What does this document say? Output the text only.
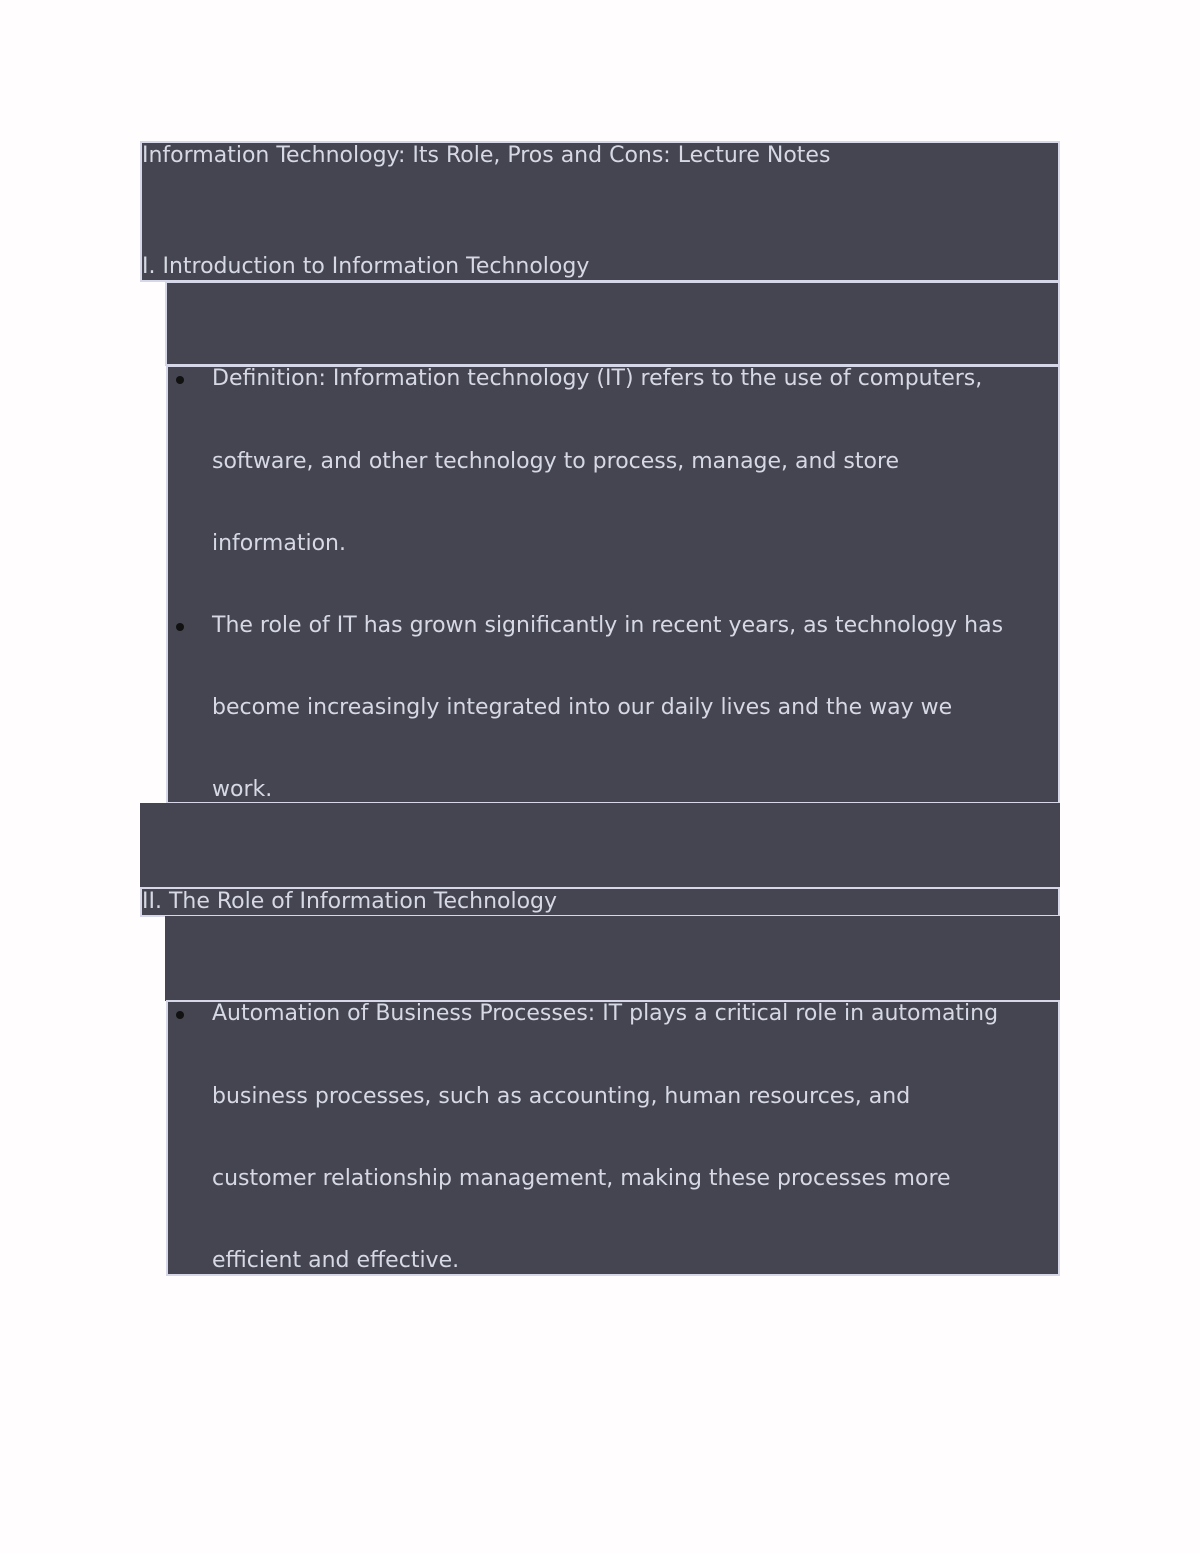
Information Technology: Its Role, Pros and Cons: Lecture Notes
I. Introduction to Information Technology
Definition: Information technology (IT) refers to the use of computers,
software, and other technology to process, manage, and store
information.
The role of IT has grown significantly in recent years, as technology has
become increasingly integrated into our daily lives and the way we
work.
II. The Role of Information Technology
Automation of Business Processes: IT plays a critical role in automating
business processes, such as accounting, human resources, and
customer relationship management, making these processes more
efficient and effective.
